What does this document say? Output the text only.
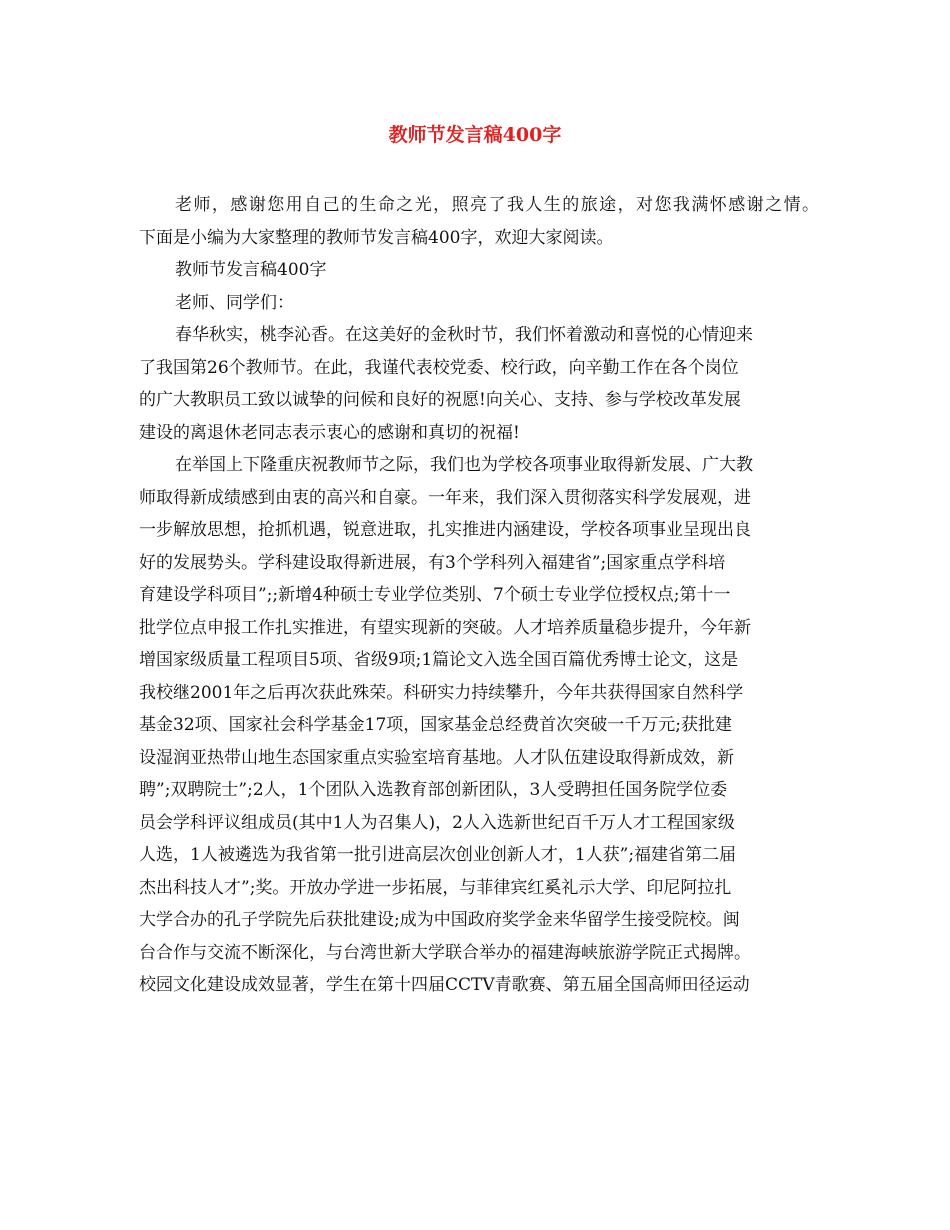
教师节发言稿400字

老师，感谢您用自己的生命之光，照亮了我人生的旅途，对您我满怀感谢之情。

下面是小编为大家整理的教师节发言稿400字，欢迎大家阅读。

教师节发言稿400字

老师、同学们：

春华秋实，桃李沁香。在这美好的金秋时节，我们怀着激动和喜悦的心情迎来

了我国第26个教师节。在此，我谨代表校党委、校行政，向辛勤工作在各个岗位

的广大教职员工致以诚挚的问候和良好的祝愿!向关心、支持、参与学校改革发展

建设的离退休老同志表示衷心的感谢和真切的祝福!

在举国上下隆重庆祝教师节之际，我们也为学校各项事业取得新发展、广大教

师取得新成绩感到由衷的高兴和自豪。一年来，我们深入贯彻落实科学发展观，进

一步解放思想，抢抓机遇，锐意进取，扎实推进内涵建设，学校各项事业呈现出良

好的发展势头。学科建设取得新进展，有3个学科列入福建省”;国家重点学科培

育建设学科项目”;;新增4种硕士专业学位类别、7个硕士专业学位授权点;第十一

批学位点申报工作扎实推进，有望实现新的突破。人才培养质量稳步提升，今年新

增国家级质量工程项目5项、省级9项;1篇论文入选全国百篇优秀博士论文，这是

我校继2001年之后再次获此殊荣。科研实力持续攀升，今年共获得国家自然科学

基金32项、国家社会科学基金17项，国家基金总经费首次突破一千万元;获批建

设湿润亚热带山地生态国家重点实验室培育基地。人才队伍建设取得新成效，新

聘”;双聘院士”;2人，1个团队入选教育部创新团队，3人受聘担任国务院学位委

员会学科评议组成员(其中1人为召集人)，2人入选新世纪百千万人才工程国家级

人选，1人被遴选为我省第一批引进高层次创业创新人才，1人获”;福建省第二届

杰出科技人才”;奖。开放办学进一步拓展，与菲律宾红奚礼示大学、印尼阿拉扎

大学合办的孔子学院先后获批建设;成为中国政府奖学金来华留学生接受院校。闽

台合作与交流不断深化，与台湾世新大学联合举办的福建海峡旅游学院正式揭牌。

校园文化建设成效显著，学生在第十四届CCTV青歌赛、第五届全国高师田径运动
